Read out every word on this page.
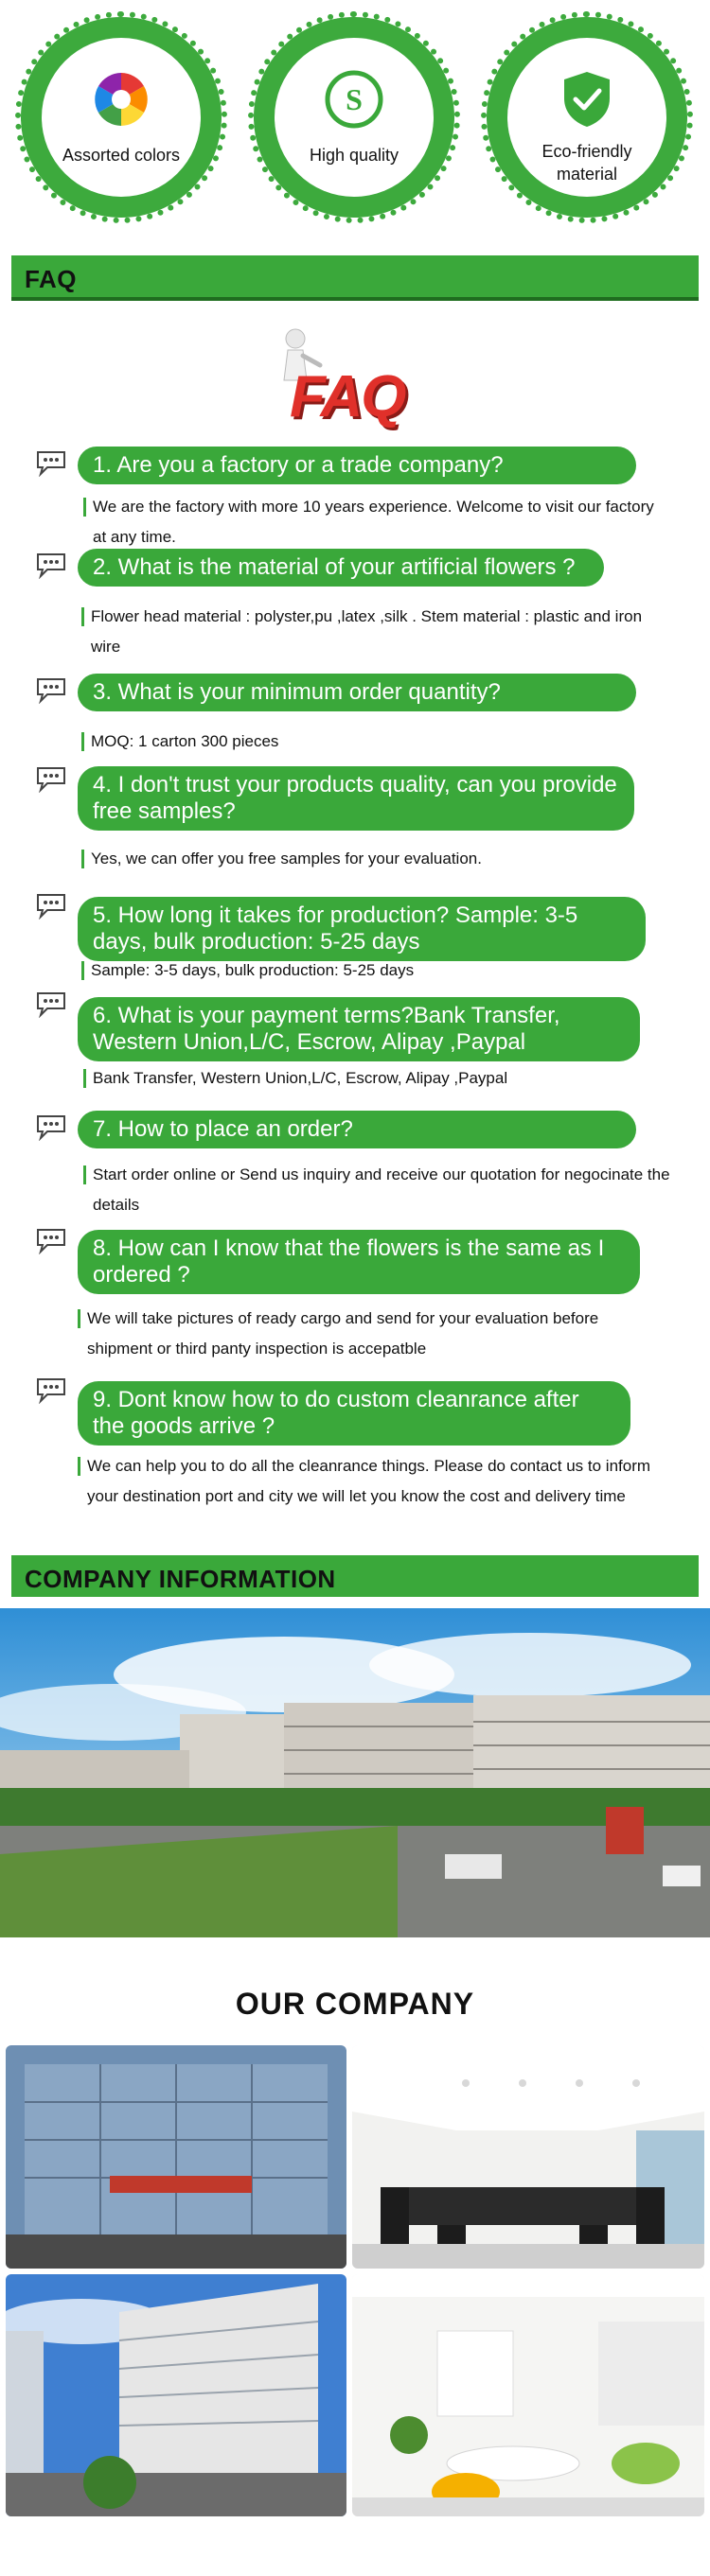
Assorted colors
S
High quality	Eco-friendly material
FAQ
FAQ
1. Are you a factory or a trade company?
We are the factory with more 10 years experience. Welcome to visit our factory at any time.
2. What is the material of your artificial flowers ?
Flower head material : polyster,pu ,latex ,silk . Stem material : plastic and iron wire
3. What is your minimum order quantity?
MOQ: 1 carton 300 pieces
4. I don't trust your products quality, can you provide free samples?
Yes, we can offer you free samples for your evaluation.
5. How long it takes for production? Sample: 3-5 days, bulk production: 5-25 days
Sample: 3-5 days, bulk production: 5-25 days
6. What is your payment terms?Bank Transfer, Western Union,L/C, Escrow, Alipay ,Paypal
Bank Transfer, Western Union,L/C, Escrow, Alipay ,Paypal
7. How to place an order?
Start order online or Send us inquiry and receive our quotation for negocinate the details
8. How can I know that the flowers is the same as I ordered ?
We will take pictures of ready cargo and send for your evaluation before shipment or third panty inspection is accepatble
9. Dont know how to do custom cleanrance after the goods arrive ?
We can help you to do all the cleanrance things. Please do contact us to inform your destination port and city we will let you know the cost and delivery time
COMPANY INFORMATION
OUR COMPANY
